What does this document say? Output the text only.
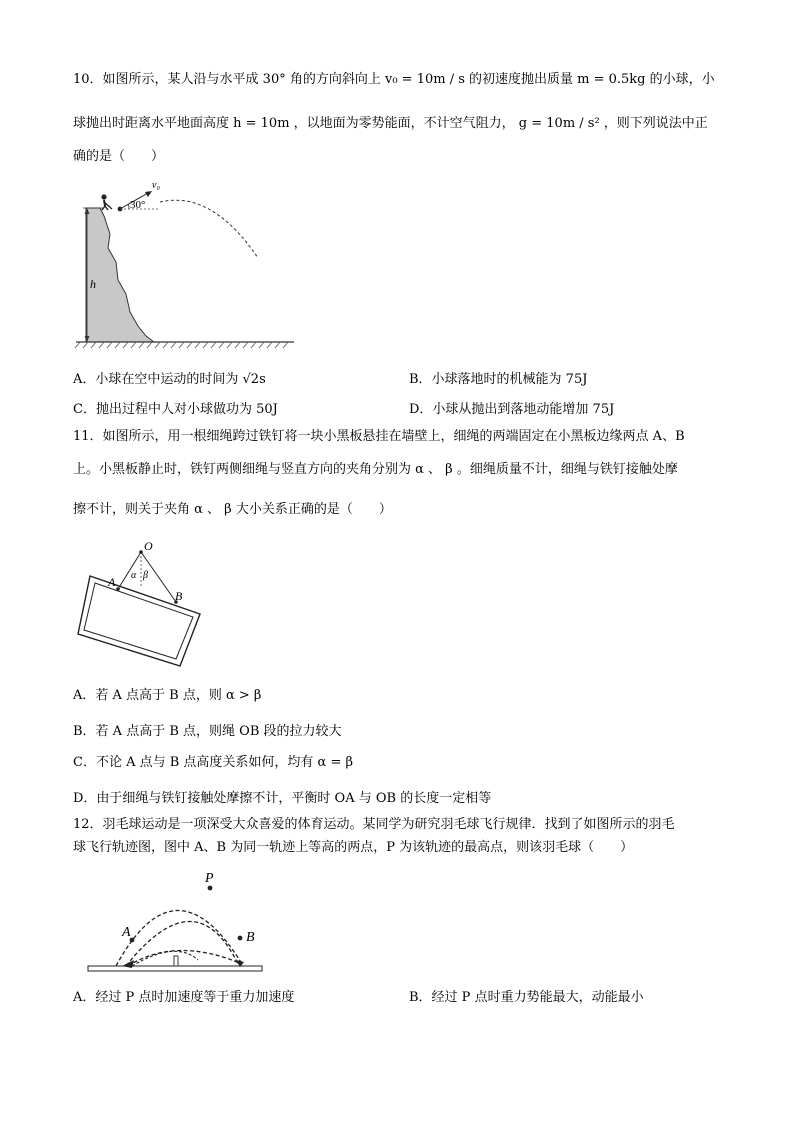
10．如图所示，某人沿与水平成 30° 角的方向斜向上 v₀ = 10m / s 的初速度抛出质量 m = 0.5kg 的小球，小
球抛出时距离水平地面高度 h = 10m ，以地面为零势能面，不计空气阻力， g = 10m / s² ，则下列说法中正
确的是（　　）
h
v₀
30°
A．小球在空中运动的时间为 √2s	B．小球落地时的机械能为 75J
C．抛出过程中人对小球做功为 50J	D．小球从抛出到落地动能增加 75J
11．如图所示，用一根细绳跨过铁钉将一块小黑板悬挂在墙壁上，细绳的两端固定在小黑板边缘两点 A、B
上。小黑板静止时，铁钉两侧细绳与竖直方向的夹角分别为 α 、 β 。细绳质量不计，细绳与铁钉接触处摩
擦不计，则关于夹角 α 、 β 大小关系正确的是（　　）
O
A
B
α β
A．若 A 点高于 B 点，则 α > β
B．若 A 点高于 B 点，则绳 OB 段的拉力较大
C．不论 A 点与 B 点高度关系如何，均有 α = β
D．由于细绳与铁钉接触处摩擦不计，平衡时 OA 与 OB 的长度一定相等
12．羽毛球运动是一项深受大众喜爱的体育运动。某同学为研究羽毛球飞行规律．找到了如图所示的羽毛
球飞行轨迹图，图中 A、B 为同一轨迹上等高的两点，P 为该轨迹的最高点，则该羽毛球（　　）
A
P
B
A．经过 P 点时加速度等于重力加速度	B．经过 P 点时重力势能最大，动能最小
